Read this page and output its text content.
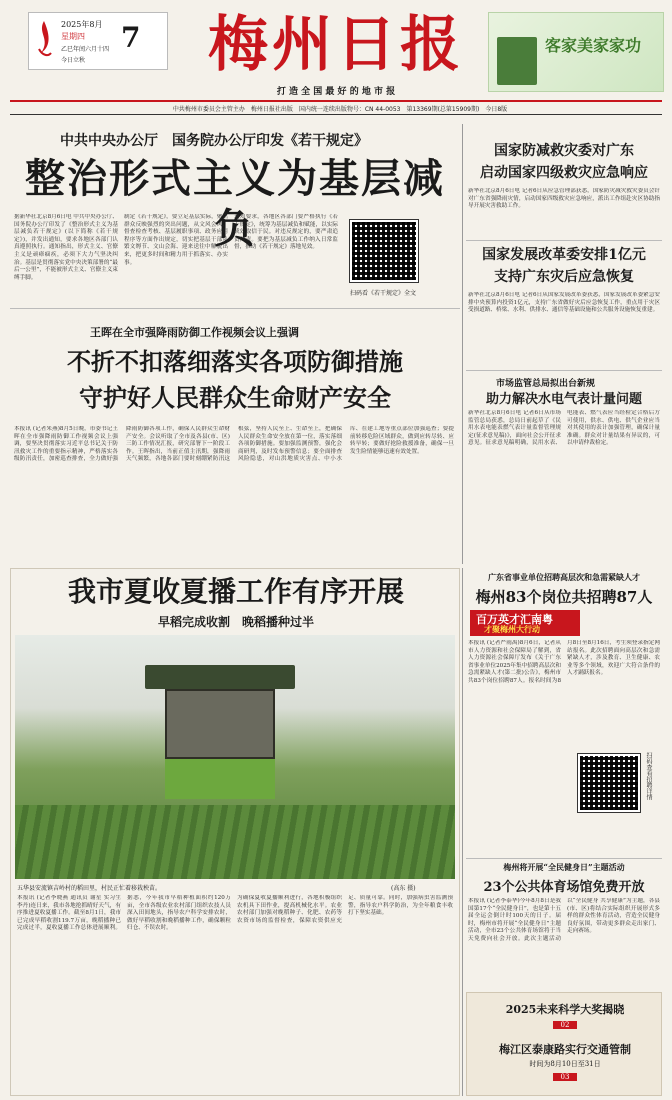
2025年8月
星期四 7
乙巳年闰六月十四
今日立秋 梅州日报
打 造 全 国 最 好 的 地 市 报
客家美家家功
中共梅州市委员会主管主办　梅州日报社出版　国内统一连续出版物号：CN 44-0053　第13369期(总第15909期)　今日8版
中共中央办公厅　国务院办公厅印发《若干规定》
整治形式主义为基层减负
据新华社北京8月6日电 中共中央办公厅、国务院办公厅印发了《整治形式主义为基层减负若干规定》(以下简称《若干规定》)，并发出通知，要求各地区各部门认真遵照执行。通知指出，形式主义、官僚主义是顽瘴痼疾，必须下大力气坚决纠治。基层是贯彻落实党中央决策部署的“最后一公里”，不能被形式主义、官僚主义束缚手脚。
制定《若干规定》，要立足基层实际，聚焦群众反映强烈的突出问题，从文风会风、督查检查考核、基层履职事项、政务应用程序等方面作出规定，切实把基层干部从繁文缛节、文山会海、迎来送往中解脱出来，把更多时间和精力用于抓落实、办实事。
通知要求，各地区各部门要严格执行《若干规定》，统筹为基层减负和赋能，以实际成效取信于民。对违反规定的，要严肃追责问责。要把为基层减负工作纳入日常监督，推动《若干规定》落地见效。
扫码看《若干规定》全文
国家防减救灾委对广东
启动国家四级救灾应急响应
新华社北京8月6日电 记者6日从应急管理部获悉，国家防灾减灾救灾委员会针对广东省强降雨灾情，启动国家四级救灾应急响应，派出工作组赴灾区协助指导开展灾害救助工作。
国家发展改革委安排1亿元
支持广东灾后应急恢复
新华社北京8月6日电 记者6日从国家发展改革委获悉，国家发展改革委紧急安排中央预算内投资1亿元，支持广东省做好灾后应急恢复工作，重点用于灾区受损道路、桥梁、水利、供排水、通信等基础设施和公共服务设施恢复重建。
王晖在全市强降雨防御工作视频会议上强调
不折不扣落细落实各项防御措施
守护好人民群众生命财产安全
本报讯 (记者朱燕)8月5日晚，市委书记王晖在全市强降雨防御工作视频会议上强调，要坚决贯彻落实习近平总书记关于防汛救灾工作的重要指示精神，严格落实各级防汛责任，加密巡查排查，全力做好强降雨防御各项工作，确保人民群众生命财产安全。会议听取了全市及各县(市、区)三防工作情况汇报，研究部署下一阶段工作。王晖指出，当前正值主汛期，强降雨天气频繁，各地各部门要时刻绷紧防汛这根弦，坚持人民至上、生命至上，把确保人民群众生命安全放在第一位，落实落细各项防御措施。要加强监测预警，强化会商研判，及时发布预警信息；要全面排查风险隐患，对山洪地质灾害点、中小水库、在建工地等重点部位加强巡查；要提前转移危险区域群众，做到应转尽转、应转早转；要做好抢险救援准备，确保一旦发生险情能够迅速有效处置。
市场监管总局拟出台新规
助力解决水电气表计量问题
新华社北京8月6日电 记者6日从市场监管总局获悉，总局日前起草了《民用水表电能表燃气表计量监督管理规定(征求意见稿)》，面向社会公开征求意见。征求意见稿明确，民用水表、电能表、燃气表应当经检定合格后方可使用，供水、供电、供气企业应当对其使用的表计加强管理，确保计量准确。群众对计量结果有异议的，可以申请仲裁检定。
我市夏收夏播工作有序开展
早稻完成收割　晚稻播种过半
五华县安流镇吉岭村的稻田里，村民正忙着移栽秧苗。	(高东 摄)
本报讯 (记者李晓燕 通讯员 谢星 实习生 李丹)连日来，我市各地抢抓晴好天气，有序推进夏收夏播工作。截至8月1日，我市已完成早稻收割119.7万亩，晚稻播种已完成过半，夏收夏播工作总体进展顺利。据悉，今年我市早稻种植面积约120万亩，全市各级农业农村部门组织农技人员深入田间地头，指导农户科学安排农时，做好早稻收割和晚稻播种工作，确保颗粒归仓、不误农时。
为确保夏收夏播顺利进行，各地积极组织农机具下田作业，提高机械化水平。农业农村部门加强对晚稻种子、化肥、农药等农资市场的监督检查，保障农资供应充足、质量可靠。同时，加强病虫害监测预警，指导农户科学防治，为全年粮食丰收打下坚实基础。
广东省事业单位招聘高层次和急需紧缺人才
梅州83个岗位共招聘87人
百万英才汇南粤
才聚梅州大行动
本报讯 (记者严雨禹)8月6日，记者从市人力资源和社会保障局了解到，省人力资源社会保障厅发布《关于广东省事业单位2025年集中招聘高层次和急需紧缺人才(第二批)公告》，梅州市共83个岗位招聘87人。报名时间为8月8日至8月16日，考生须登录指定网站报名。此次招聘面向高层次和急需紧缺人才，涉及教育、卫生健康、农业等多个领域，欢迎广大符合条件的人才踊跃报名。
扫码查看招聘详情
梅州将开展“全民健身日”主题活动
23个公共体育场馆免费开放
本报讯 (记者李泰华)今年8月8日是我国第17个“全民健身日”，也是第十五届全运会倒计时100天的日子。届时，梅州市将开展“全民健身日”主题活动，全市23个公共体育场馆将于当天免费向社会开放。此次主题活动以“全民健身 共享健康”为主题，各县(市、区)将结合实际组织开展形式多样的群众性体育活动，营造全民健身良好氛围，带动更多群众走出家门、走向赛场。
2025未来科学大奖揭晓
02
梅江区泰康路实行交通管制
时间为8月10日至31日
03
